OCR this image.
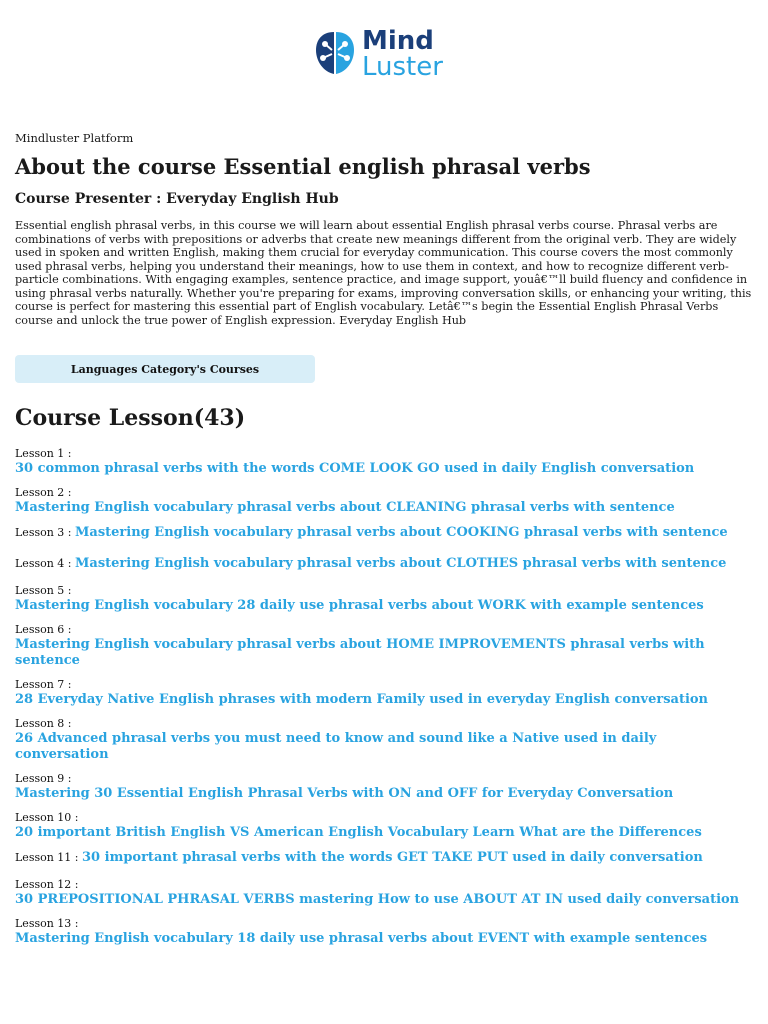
Mind
Luster
Mindluster Platform
About the course Essential english phrasal verbs
Course Presenter : Everyday English Hub
Essential english phrasal verbs, in this course we will learn about essential English phrasal verbs course. Phrasal verbs are combinations of verbs with prepositions or adverbs that create new meanings different from the original verb. They are widely used in spoken and written English, making them crucial for everyday communication. This course covers the most commonly used phrasal verbs, helping you understand their meanings, how to use them in context, and how to recognize different verb-particle combinations. With engaging examples, sentence practice, and image support, youâ€™ll build fluency and confidence in using phrasal verbs naturally. Whether you're preparing for exams, improving conversation skills, or enhancing your writing, this course is perfect for mastering this essential part of English vocabulary. Letâ€™s begin the Essential English Phrasal Verbs course and unlock the true power of English expression. Everyday English Hub
Languages Category's Courses
Course Lesson(43)
Lesson 1 :
30 common phrasal verbs with the words COME LOOK GO used in daily English conversation
Lesson 2 :
Mastering English vocabulary phrasal verbs about CLEANING phrasal verbs with sentence
Lesson 3 : Mastering English vocabulary phrasal verbs about COOKING phrasal verbs with sentence
Lesson 4 : Mastering English vocabulary phrasal verbs about CLOTHES phrasal verbs with sentence
Lesson 5 :
Mastering English vocabulary 28 daily use phrasal verbs about WORK with example sentences
Lesson 6 :
Mastering English vocabulary phrasal verbs about HOME IMPROVEMENTS phrasal verbs with sentence
Lesson 7 :
28 Everyday Native English phrases with modern Family used in everyday English conversation
Lesson 8 :
26 Advanced phrasal verbs you must need to know and sound like a Native used in daily conversation
Lesson 9 :
Mastering 30 Essential English Phrasal Verbs with ON and OFF for Everyday Conversation
Lesson 10 :
20 important British English VS American English Vocabulary Learn What are the Differences
Lesson 11 : 30 important phrasal verbs with the words GET TAKE PUT used in daily conversation
Lesson 12 :
30 PREPOSITIONAL PHRASAL VERBS mastering How to use ABOUT AT IN used daily conversation
Lesson 13 :
Mastering English vocabulary 18 daily use phrasal verbs about EVENT with example sentences
